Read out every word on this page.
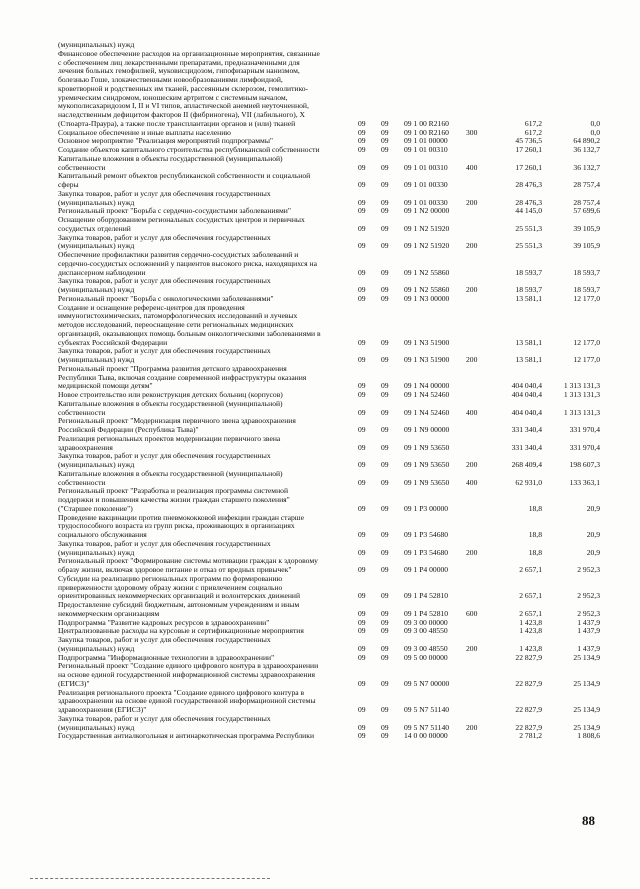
(муниципальных) нужд
Финансовое обеспечение расходов на организационные мероприятия, связанные
с обеспечением лиц лекарственными препаратами, предназначенными для
лечения больных гемофилией, муковисцидозом, гипофизарным нанизмом,
болезнью Гоше, злокачественными новообразованиями лимфоидной,
кроветворной и родственных им тканей, рассеянным склерозом, гемолитико-
уремическим синдромом, юношеским артритом с системным началом,
мукополисахаридозом I, II и VI типов, апластической анемией неуточненной,
наследственным дефицитом факторов II (фибриногена), VII (лабильного), X
(Стюарта-Праура), а также после трансплантации органов и (или) тканей	09	09	09 1 00 R2160	617,2	0,0
Социальное обеспечение и иные выплаты населению	09	09	09 1 00 R2160	300	617,2	0,0
Основное мероприятие "Реализация мероприятий подпрограммы"	09	09	09 1 01 00000	45 736,5	64 890,2
Создание объектов капитального строительства республиканской собственности	09	09	09 1 01 00310	17 260,1	36 132,7
Капитальные вложения в объекты государственной (муниципальной)
собственности	09	09	09 1 01 00310	400	17 260,1	36 132,7
Капитальный ремонт объектов республиканской собственности и социальной
сферы	09	09	09 1 01 00330	28 476,3	28 757,4
Закупка товаров, работ и услуг для обеспечения государственных
(муниципальных) нужд	09	09	09 1 01 00330	200	28 476,3	28 757,4
Региональный проект "Борьба с сердечно-сосудистыми заболеваниями"	09	09	09 1 N2 00000	44 145,0	57 699,6
Оснащение оборудованием региональных сосудистых центров и первичных
сосудистых отделений	09	09	09 1 N2 51920	25 551,3	39 105,9
Закупка товаров, работ и услуг для обеспечения государственных
(муниципальных) нужд	09	09	09 1 N2 51920	200	25 551,3	39 105,9
Обеспечение профилактики развития сердечно-сосудистых заболеваний и
сердечно-сосудистых осложнений у пациентов высокого риска, находящихся на
диспансерном наблюдении	09	09	09 1 N2 55860	18 593,7	18 593,7
Закупка товаров, работ и услуг для обеспечения государственных
(муниципальных) нужд	09	09	09 1 N2 55860	200	18 593,7	18 593,7
Региональный проект "Борьба с онкологическими заболеваниями"	09	09	09 1 N3 00000	13 581,1	12 177,0
Создание и оснащение референс-центров для проведения
иммуногистохимических, патоморфологических исследований и лучевых
методов исследований, переоснащение сети региональных медицинских
организаций, оказывающих помощь больным онкологическими заболеваниями в
субъектах Российской Федерации	09	09	09 1 N3 51900	13 581,1	12 177,0
Закупка товаров, работ и услуг для обеспечения государственных
(муниципальных) нужд	09	09	09 1 N3 51900	200	13 581,1	12 177,0
Региональный проект "Программа развития детского здравоохранения
Республики Тыва, включая создание современной инфраструктуры оказания
медицинской помощи детям"	09	09	09 1 N4 00000	404 040,4	1 313 131,3
Новое строительство или реконструкция детских больниц (корпусов)	09	09	09 1 N4 52460	404 040,4	1 313 131,3
Капитальные вложения в объекты государственной (муниципальной)
собственности	09	09	09 1 N4 52460	400	404 040,4	1 313 131,3
Региональный проект "Модернизация первичного звена здравоохранения
Российской Федерации (Республика Тыва)"	09	09	09 1 N9 00000	331 340,4	331 970,4
Реализация региональных проектов модернизации первичного звена
здравоохранения	09	09	09 1 N9 53650	331 340,4	331 970,4
Закупка товаров, работ и услуг для обеспечения государственных
(муниципальных) нужд	09	09	09 1 N9 53650	200	268 409,4	198 607,3
Капитальные вложения в объекты государственной (муниципальной)
собственности	09	09	09 1 N9 53650	400	62 931,0	133 363,1
Региональный проект "Разработка и реализация программы системной
поддержки и повышения качества жизни граждан старшего поколения"
("Старшее поколение")	09	09	09 1 P3 00000	18,8	20,9
Проведение вакцинации против пневмококковой инфекции граждан старше
трудоспособного возраста из групп риска, проживающих в организациях
социального обслуживания	09	09	09 1 P3 54680	18,8	20,9
Закупка товаров, работ и услуг для обеспечения государственных
(муниципальных) нужд	09	09	09 1 P3 54680	200	18,8	20,9
Региональный проект "Формирование системы мотивации граждан к здоровому
образу жизни, включая здоровое питание и отказ от вредных привычек"	09	09	09 1 P4 00000	2 657,1	2 952,3
Субсидии на реализацию региональных программ по формированию
приверженности здоровому образу жизни с привлечением социально
ориентированных некоммерческих организаций и волонтерских движений	09	09	09 1 P4 52810	2 657,1	2 952,3
Предоставление субсидий бюджетным, автономным учреждениям и иным
некоммерческим организациям	09	09	09 1 P4 52810	600	2 657,1	2 952,3
Подпрограмма "Развитие кадровых ресурсов в здравоохранении"	09	09	09 3 00 00000	1 423,8	1 437,9
Централизованные расходы на курсовые и сертификационные мероприятия	09	09	09 3 00 48550	1 423,8	1 437,9
Закупка товаров, работ и услуг для обеспечения государственных
(муниципальных) нужд	09	09	09 3 00 48550	200	1 423,8	1 437,9
Подпрограмма "Информационные технологии в здравоохранении"	09	09	09 5 00 00000	22 827,9	25 134,9
Региональный проект "Создание единого цифрового контура в здравоохранении
на основе единой государственной информационной системы здравоохранения
(ЕГИСЗ)"	09	09	09 5 N7 00000	22 827,9	25 134,9
Реализация регионального проекта "Создание единого цифрового контура в
здравоохранении на основе единой государственной информационной системы
здравоохранения (ЕГИСЗ)"	09	09	09 5 N7 51140	22 827,9	25 134,9
Закупка товаров, работ и услуг для обеспечения государственных
(муниципальных) нужд	09	09	09 5 N7 51140	200	22 827,9	25 134,9
Государственная антиалкогольная и антинаркотическая программа Республики	09	09	14 0 00 00000	2 781,2	1 808,6
88
